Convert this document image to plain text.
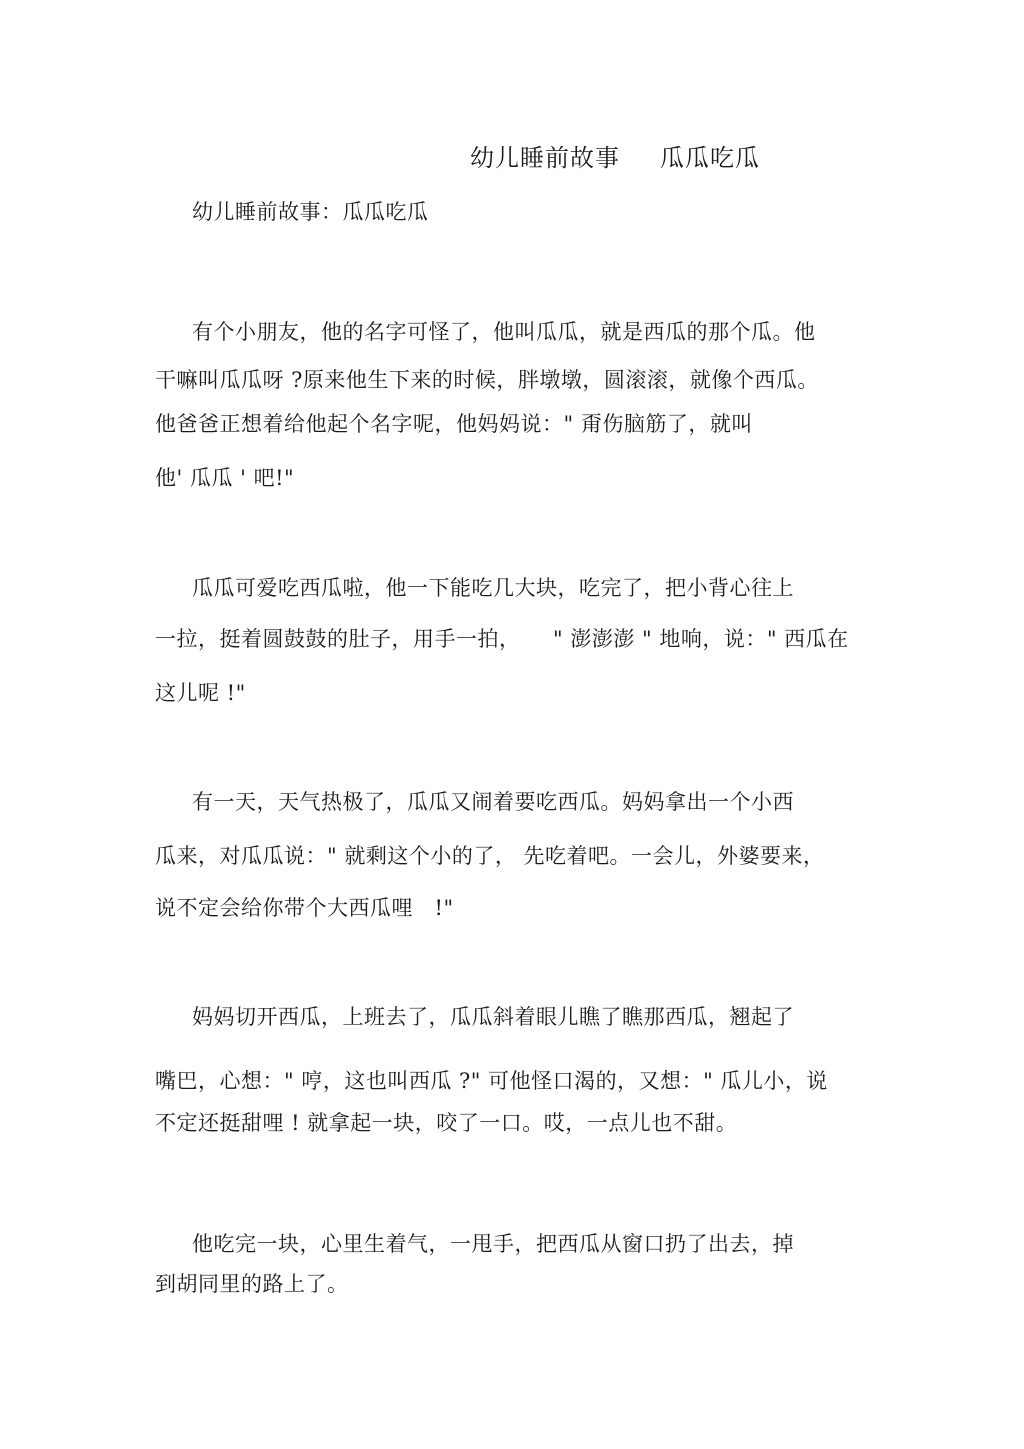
幼儿睡前故事 瓜瓜吃瓜
幼儿睡前故事：瓜瓜吃瓜
有个小朋友，他的名字可怪了，他叫瓜瓜，就是西瓜的那个瓜。他
干嘛叫瓜瓜呀 ?原来他生下来的时候，胖墩墩，圆滚滚，就像个西瓜。
他爸爸正想着给他起个名字呢，他妈妈说：" 甭伤脑筋了，就叫
他' 瓜瓜 ' 吧!"
瓜瓜可爱吃西瓜啦，他一下能吃几大块，吃完了，把小背心往上
一拉，挺着圆鼓鼓的肚子，用手一拍，　　" 澎澎澎 " 地响，说：" 西瓜在
这儿呢 !"
有一天，天气热极了，瓜瓜又闹着要吃西瓜。妈妈拿出一个小西
瓜来，对瓜瓜说：" 就剩这个小的了， 先吃着吧。一会儿，外婆要来，
说不定会给你带个大西瓜哩　!"
妈妈切开西瓜，上班去了，瓜瓜斜着眼儿瞧了瞧那西瓜，翘起了
嘴巴，心想：" 哼，这也叫西瓜 ?" 可他怪口渴的，又想：" 瓜儿小，说
不定还挺甜哩 ! 就拿起一块，咬了一口。哎，一点儿也不甜。
他吃完一块，心里生着气，一甩手，把西瓜从窗口扔了出去，掉
到胡同里的路上了。
